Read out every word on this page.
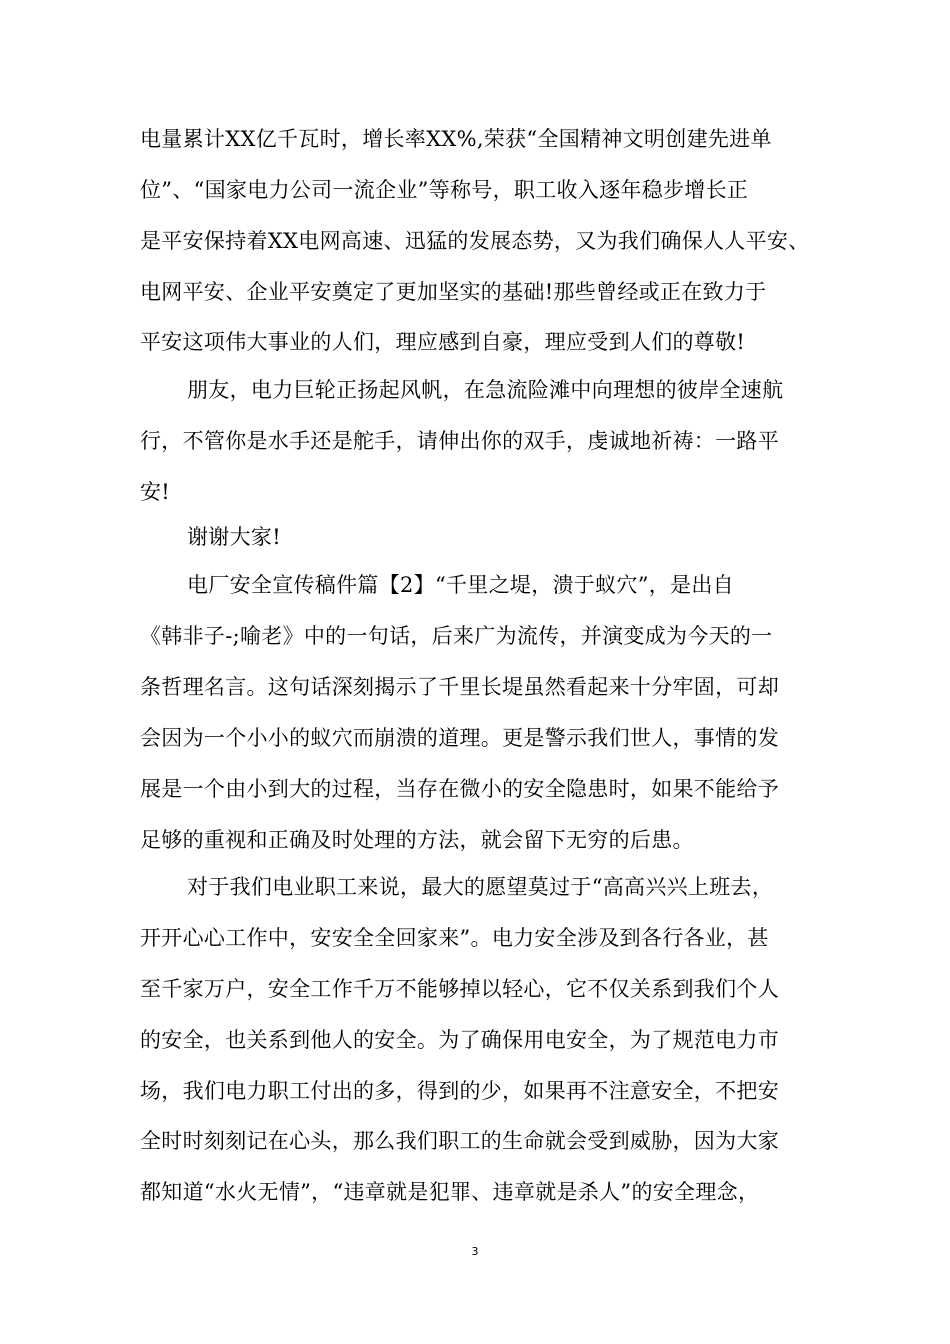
电量累计XX亿千瓦时，增长率XX%,荣获“全国精神文明创建先进单
位”、“国家电力公司一流企业”等称号，职工收入逐年稳步增长正
是平安保持着XX电网高速、迅猛的发展态势，又为我们确保人人平安、
电网平安、企业平安奠定了更加坚实的基础!那些曾经或正在致力于
平安这项伟大事业的人们，理应感到自豪，理应受到人们的尊敬!
朋友，电力巨轮正扬起风帆，在急流险滩中向理想的彼岸全速航
行，不管你是水手还是舵手，请伸出你的双手，虔诚地祈祷：一路平
安!
谢谢大家!
电厂安全宣传稿件篇【2】“千里之堤，溃于蚁穴”，是出自
《韩非子-;喻老》中的一句话，后来广为流传，并演变成为今天的一
条哲理名言。这句话深刻揭示了千里长堤虽然看起来十分牢固，可却
会因为一个小小的蚁穴而崩溃的道理。更是警示我们世人，事情的发
展是一个由小到大的过程，当存在微小的安全隐患时，如果不能给予
足够的重视和正确及时处理的方法，就会留下无穷的后患。
对于我们电业职工来说，最大的愿望莫过于“高高兴兴上班去，
开开心心工作中，安安全全回家来”。电力安全涉及到各行各业，甚
至千家万户，安全工作千万不能够掉以轻心，它不仅关系到我们个人
的安全，也关系到他人的安全。为了确保用电安全，为了规范电力市
场，我们电力职工付出的多，得到的少，如果再不注意安全，不把安
全时时刻刻记在心头，那么我们职工的生命就会受到威胁，因为大家
都知道“水火无情”，“违章就是犯罪、违章就是杀人”的安全理念，
3
